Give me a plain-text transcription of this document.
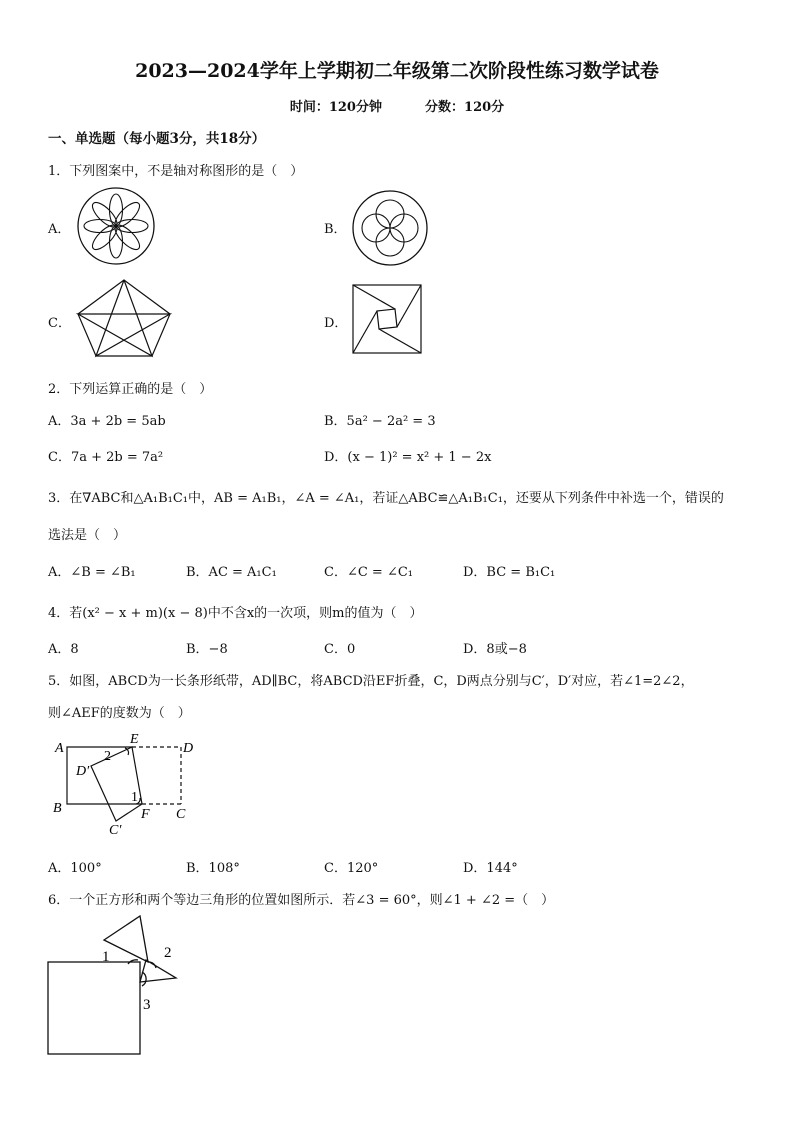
2023—2024学年上学期初二年级第二次阶段性练习数学试卷
时间：120分钟	分数：120分
一、单选题（每小题3分，共18分）
1．下列图案中，不是轴对称图形的是（　）
A．	B．
C．	D．
2．下列运算正确的是（　）
A．3a + 2b = 5ab	B．5a² − 2a² = 3
C．7a + 2b = 7a²	D．(x − 1)² = x² + 1 − 2x
3．在∇ABC和△A₁B₁C₁中，AB = A₁B₁，∠A = ∠A₁，若证△ABC≌△A₁B₁C₁，还要从下列条件中补选一个，错误的
选法是（　）
A．∠B = ∠B₁	B．AC = A₁C₁	C．∠C = ∠C₁	D．BC = B₁C₁
4．若(x² − x + m)(x − 8)中不含x的一次项，则m的值为（　）
A．8	B．−8	C．0	D．8或−8
5．如图，ABCD为一长条形纸带，AD∥BC，将ABCD沿EF折叠，C，D两点分别与C′，D′对应，若∠1=2∠2，
则∠AEF的度数为（　）
A
B
E
D
C
F
D′
C′
2
1
A．100°	B．108°	C．120°	D．144°
6．一个正方形和两个等边三角形的位置如图所示．若∠3 = 60°，则∠1 + ∠2 =（　）
1	2
3
